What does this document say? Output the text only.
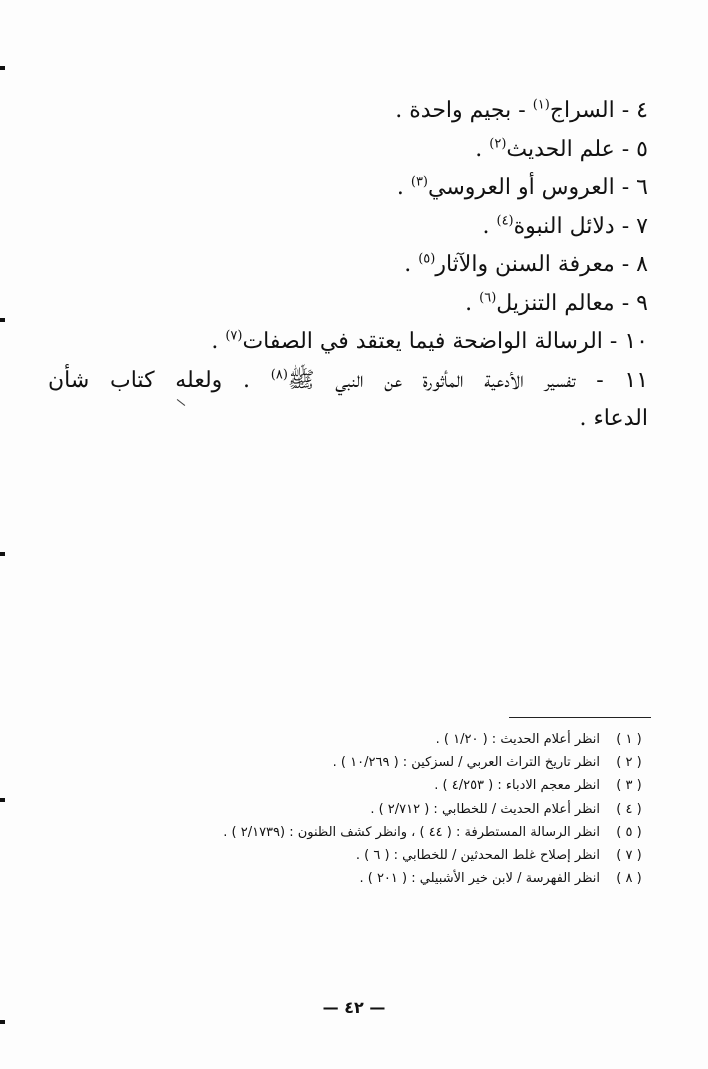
٤ - السراج$^{(١)}$ - بجيم واحدة .
٥ - علم الحديث$^{(٢)}$ .
٦ - العروس أو العروسي$^{(٣)}$ .
٧ - دلائل النبوة$^{(٤)}$ .
٨ - معرفة السنن والآثار$^{(٥)}$ .
٩ - معالم التنزيل$^{(٦)}$ .
١٠ - الرسالة الواضحة فيما يعتقد في الصفات$^{(٧)}$ .
١١ - تفسير الأدعية المأثورة عن النبي ﷺ$^{(٨)}$ . ولعله كتاب شأن
الدعاء .
( ١ )انظر أعلام الحديث : ( ١/٢٠ ) .
( ٢ )انظر تاريخ التراث العربي / لسزكين : ( ١٠/٢٦٩ ) .
( ٣ )انظر معجم الادباء : ( ٤/٢٥٣ ) .
( ٤ )انظر أعلام الحديث / للخطابي : ( ٢/٧١٢ ) .
( ٥ )انظر الرسالة المستطرفة : ( ٤٤ ) ، وانظر كشف الظنون : (٢/١٧٣٩ ) .
( ٧ )انظر إصلاح غلط المحدثين / للخطابي : ( ٦ ) .
( ٨ )انظر الفهرسة / لابن خير الأشبيلي : ( ٢٠١ ) .
— ٤٢ —
